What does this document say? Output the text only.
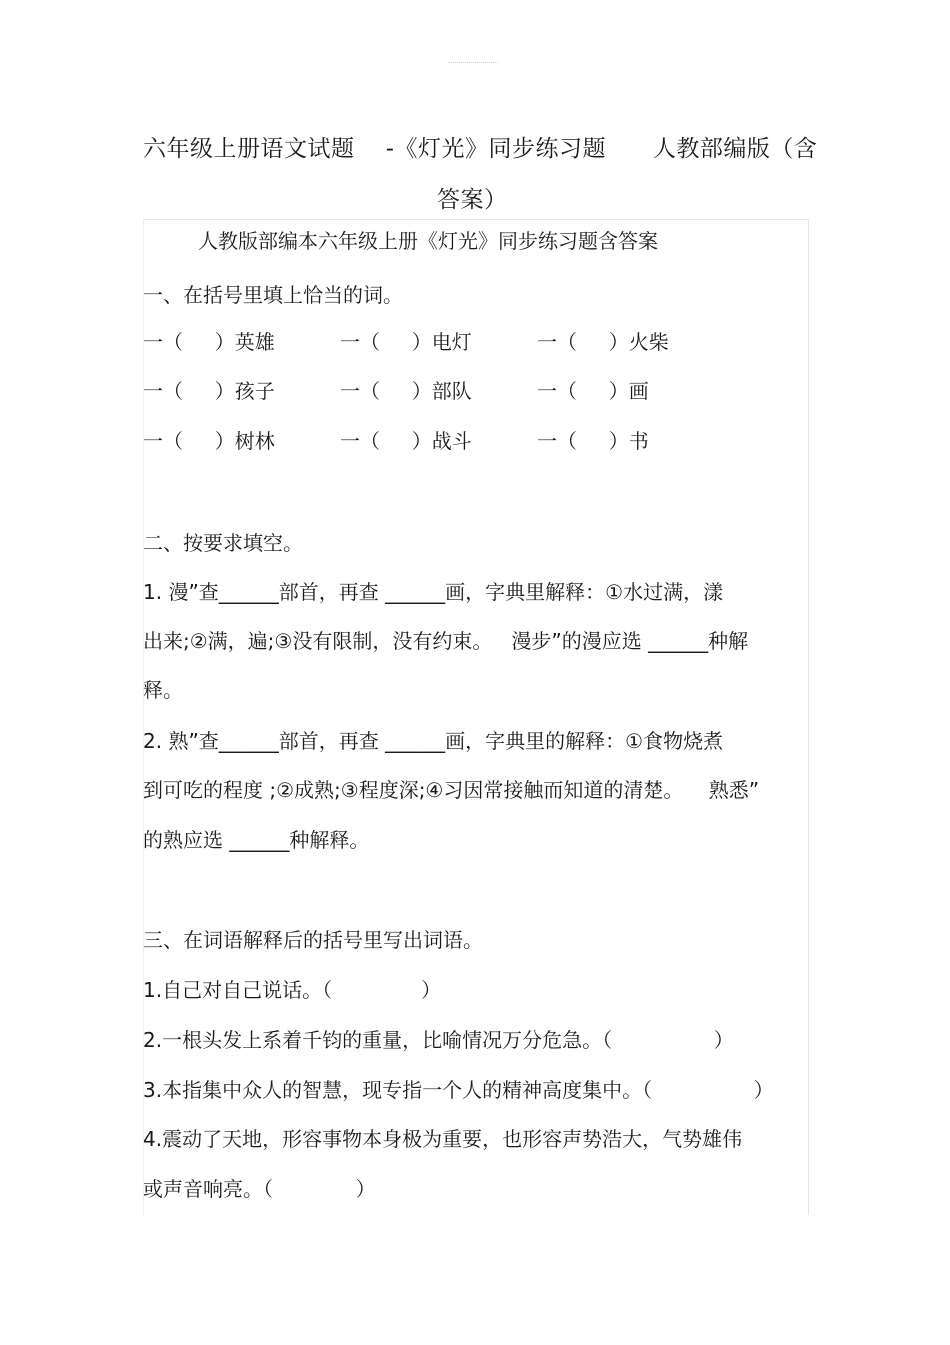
六年级上册语文试题    -《灯光》同步练习题      人教部编版（含
答案）
人教版部编本六年级上册《灯光》同步练习题含答案
一、在括号里填上恰当的词。
一（     ）英雄	一（     ）电灯	一（     ）火柴
一（     ）孩子	一（     ）部队	一（     ）画
一（     ）树林	一（     ）战斗	一（     ）书
二、按要求填空。
1. 漫”查______部首，再查 ______画，字典里解释：①水过满，漾
出来;②满，遍;③没有限制，没有约束。   漫步”的漫应选 ______种解
释。
2. 熟”查______部首，再查 ______画，字典里的解释：①食物烧煮
到可吃的程度 ;②成熟;③程度深;④习因常接触而知道的清楚。    熟悉”
的熟应选 ______种解释。
三、在词语解释后的括号里写出词语。
1.自己对自己说话。（              ）
2.一根头发上系着千钧的重量，比喻情况万分危急。（                ）
3.本指集中众人的智慧，现专指一个人的精神高度集中。（                ）
4.震动了天地，形容事物本身极为重要，也形容声势浩大，气势雄伟
或声音响亮。（             ）
